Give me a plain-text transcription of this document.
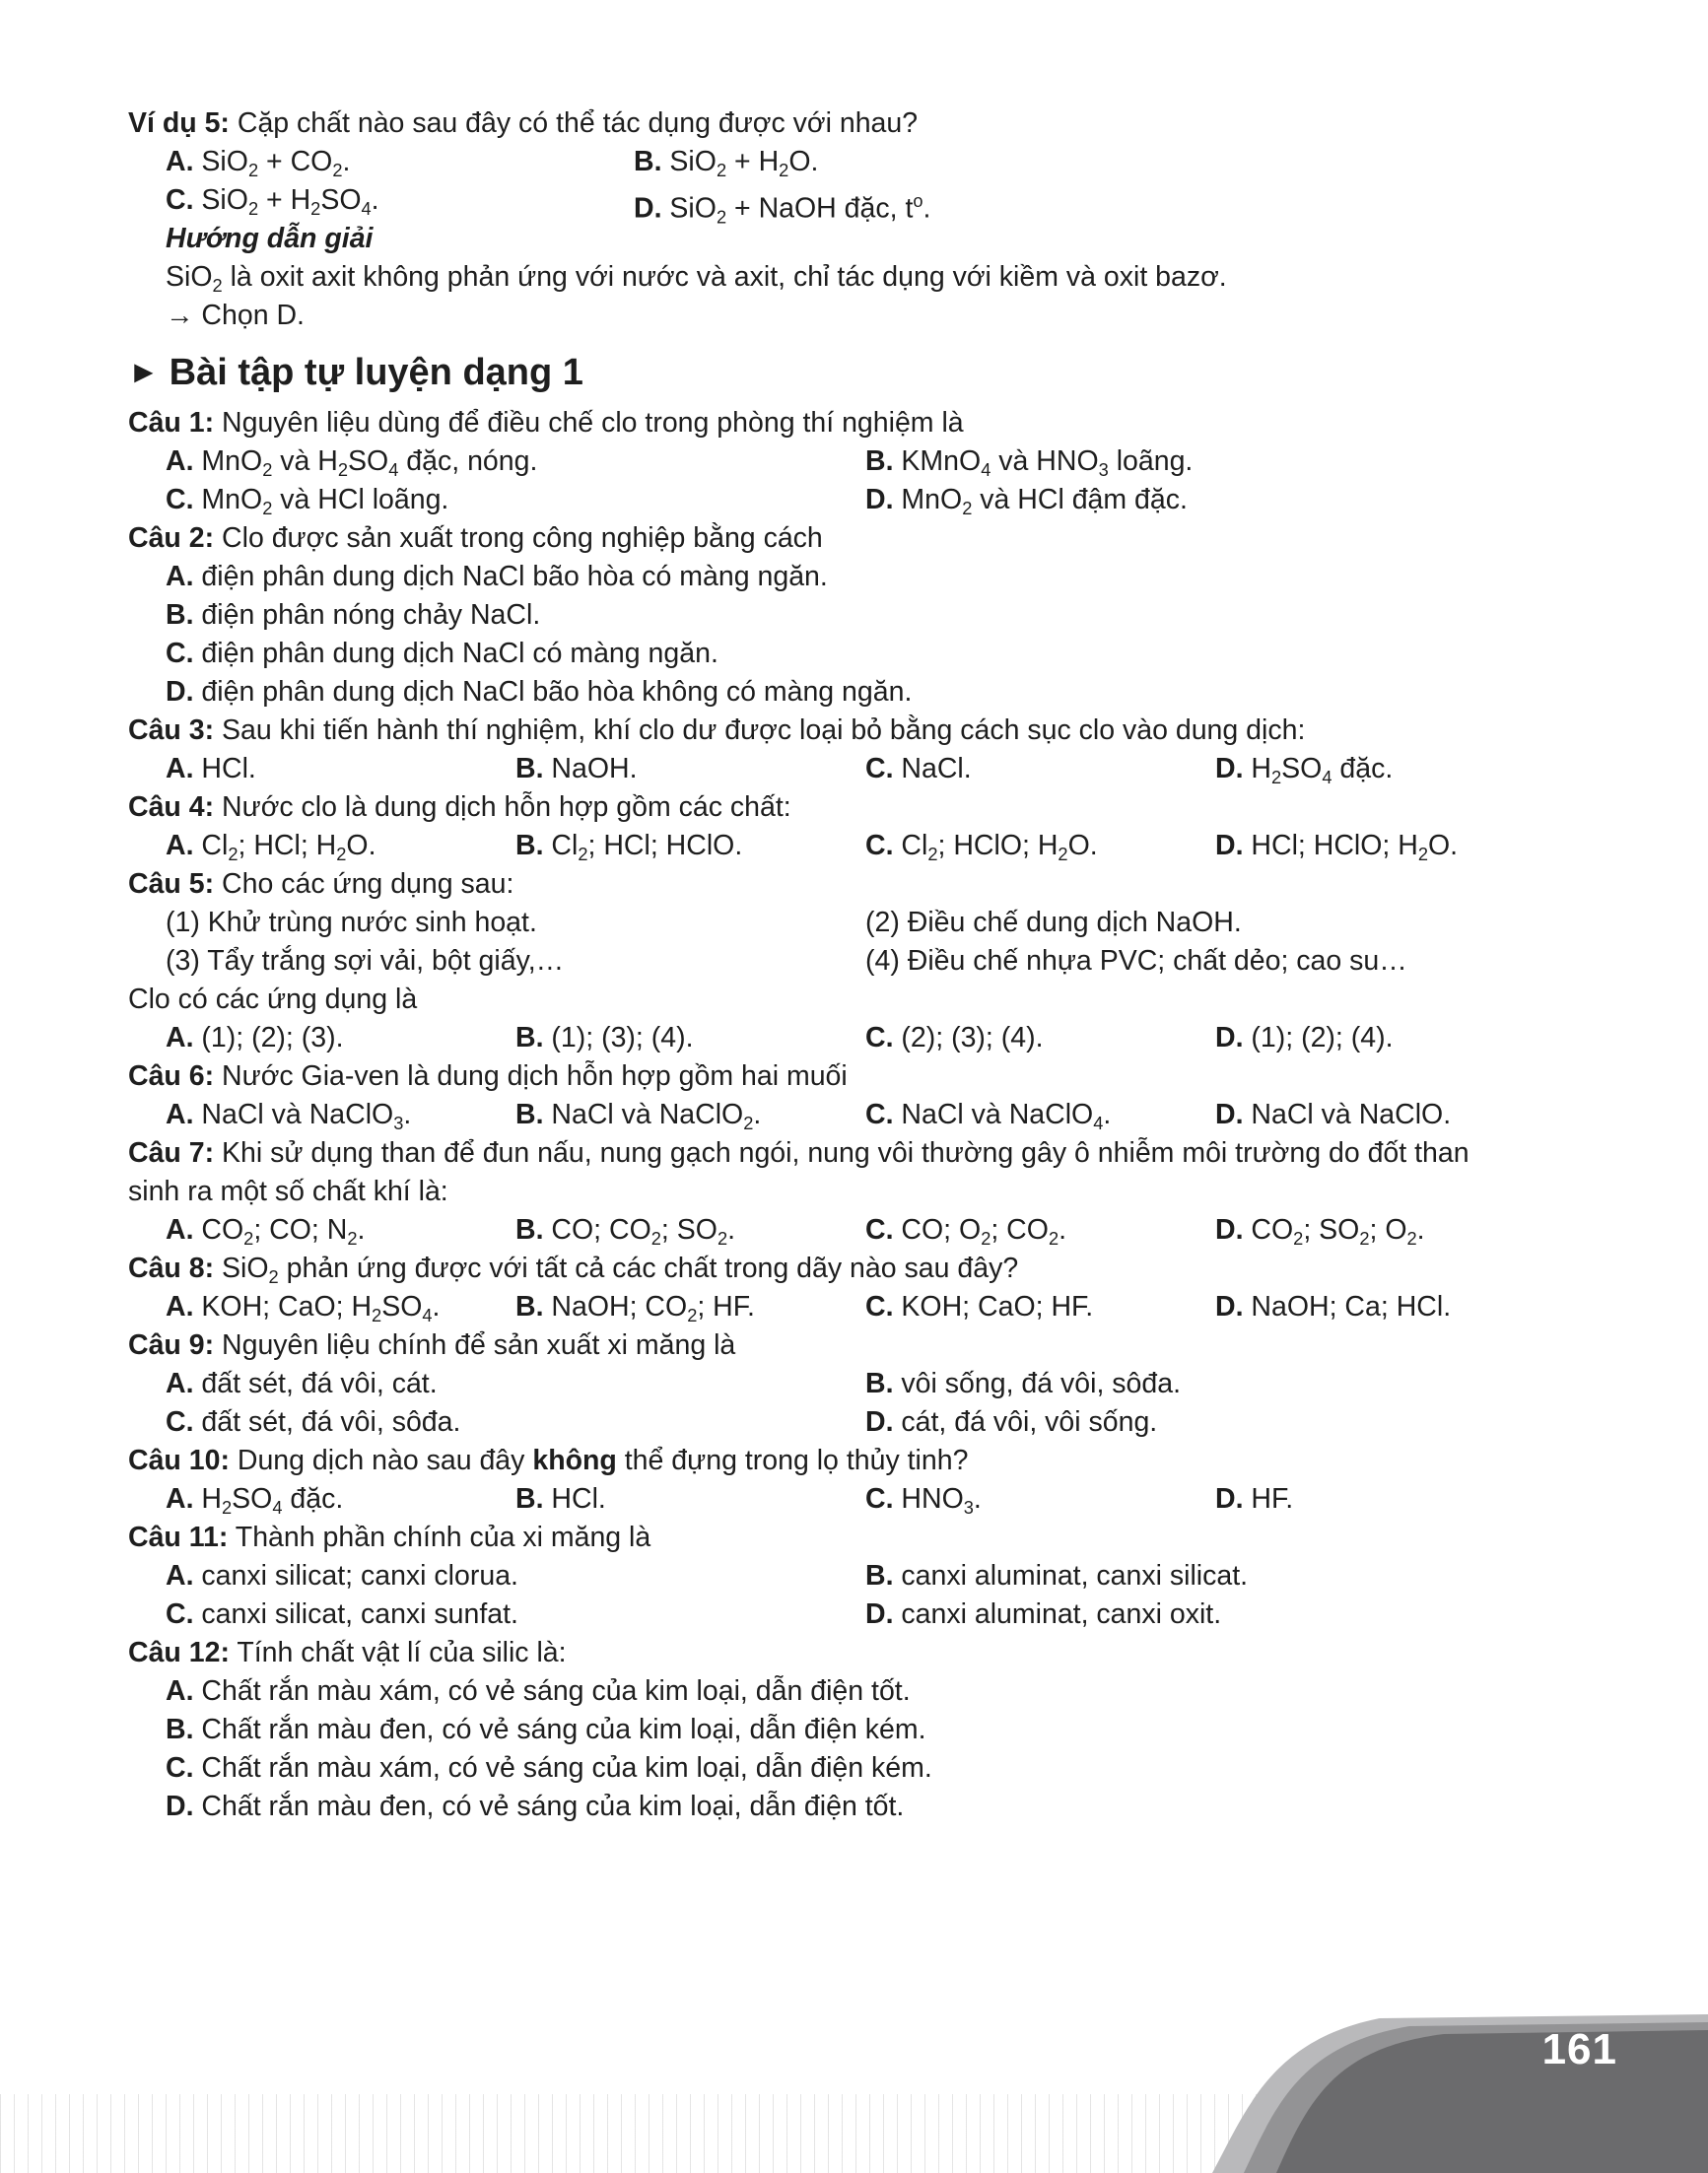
Ví dụ 5: Cặp chất nào sau đây có thể tác dụng được với nhau?
A. $SiO_2 + CO_2$.	B. $SiO_2 + H_2O$.
C. $SiO_2 + H_2SO_4$.	D. SiO$_2$ + NaOH đặc, $t^o$.
Hướng dẫn giải
SiO$_2$ là oxit axit không phản ứng với nước và axit, chỉ tác dụng với kiềm và oxit bazơ.
→ Chọn D.
► Bài tập tự luyện dạng 1
Câu 1: Nguyên liệu dùng để điều chế clo trong phòng thí nghiệm là
A. MnO$_2$ và $H_2SO_4$ đặc, nóng.	B. KMnO$_4$ và $HNO_3$ loãng.
C. MnO$_2$ và HCl loãng.	D. MnO$_2$ và HCl đậm đặc.
Câu 2: Clo được sản xuất trong công nghiệp bằng cách
A. điện phân dung dịch NaCl bão hòa có màng ngăn.
B. điện phân nóng chảy NaCl.
C. điện phân dung dịch NaCl có màng ngăn.
D. điện phân dung dịch NaCl bão hòa không có màng ngăn.
Câu 3: Sau khi tiến hành thí nghiệm, khí clo dư được loại bỏ bằng cách sục clo vào dung dịch:
A. HCl.	B. NaOH.	C. NaCl.	D. $H_2SO_4$ đặc.
Câu 4: Nước clo là dung dịch hỗn hợp gồm các chất:
A. $Cl_2$; HCl; $H_2O$.	B. $Cl_2$; HCl; HClO.	C. $Cl_2$; HClO; $H_2O$.	D. HCl; HClO; $H_2O$.
Câu 5: Cho các ứng dụng sau:
(1) Khử trùng nước sinh hoạt.	(2) Điều chế dung dịch NaOH.
(3) Tẩy trắng sợi vải, bột giấy,…	(4) Điều chế nhựa PVC; chất dẻo; cao su…
Clo có các ứng dụng là
A. (1); (2); (3).	B. (1); (3); (4).	C. (2); (3); (4).	D. (1); (2); (4).
Câu 6: Nước Gia-ven là dung dịch hỗn hợp gồm hai muối
A. NaCl và NaClO$_3$.	B. NaCl và NaClO$_2$.	C. NaCl và NaClO$_4$.	D. NaCl và NaClO.
Câu 7: Khi sử dụng than để đun nấu, nung gạch ngói, nung vôi thường gây ô nhiễm môi trường do đốt than
sinh ra một số chất khí là:
A. $CO_2$; CO; $N_2$.	B. CO; $CO_2$; $SO_2$.	C. CO; $O_2$; $CO_2$.	D. $CO_2$; $SO_2$; $O_2$.
Câu 8: SiO$_2$ phản ứng được với tất cả các chất trong dãy nào sau đây?
A. KOH; CaO; $H_2SO_4$.	B. NaOH; $CO_2$; HF.	C. KOH; CaO; HF.	D. NaOH; Ca; HCl.
Câu 9: Nguyên liệu chính để sản xuất xi măng là
A. đất sét, đá vôi, cát.	B. vôi sống, đá vôi, sôđa.
C. đất sét, đá vôi, sôđa.	D. cát, đá vôi, vôi sống.
Câu 10: Dung dịch nào sau đây không thể đựng trong lọ thủy tinh?
A. $H_2SO_4$ đặc.	B. HCl.	C. $HNO_3$.	D. HF.
Câu 11: Thành phần chính của xi măng là
A. canxi silicat; canxi clorua.	B. canxi aluminat, canxi silicat.
C. canxi silicat, canxi sunfat.	D. canxi aluminat, canxi oxit.
Câu 12: Tính chất vật lí của silic là:
A. Chất rắn màu xám, có vẻ sáng của kim loại, dẫn điện tốt.
B. Chất rắn màu đen, có vẻ sáng của kim loại, dẫn điện kém.
C. Chất rắn màu xám, có vẻ sáng của kim loại, dẫn điện kém.
D. Chất rắn màu đen, có vẻ sáng của kim loại, dẫn điện tốt.
161
